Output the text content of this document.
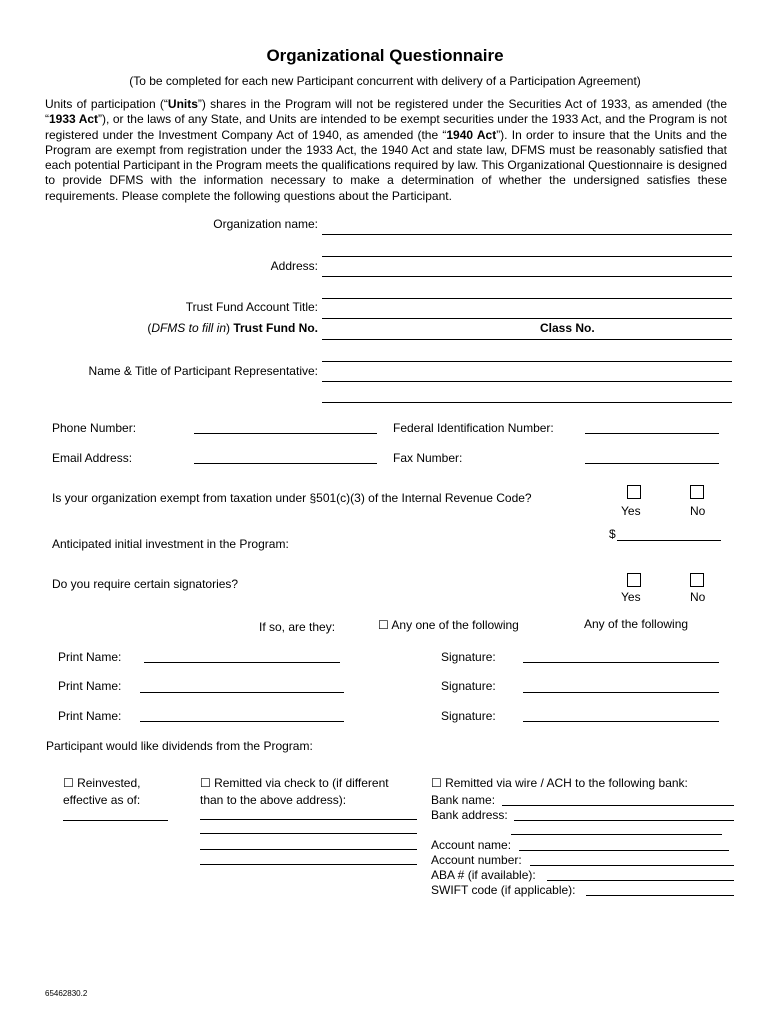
Organizational Questionnaire
(To be completed for each new Participant concurrent with delivery of a Participation Agreement)
Units of participation (“Units”) shares in the Program will not be registered under the Securities Act of 1933, as amended (the “1933 Act”), or the laws of any State, and Units are intended to be exempt securities under the 1933 Act, and the Program is not registered under the Investment Company Act of 1940, as amended (the “1940 Act”). In order to insure that the Units and the Program are exempt from registration under the 1933 Act, the 1940 Act and state law, DFMS must be reasonably satisfied that each potential Participant in the Program meets the qualifications required by law. This Organizational Questionnaire is designed to provide DFMS with the information necessary to make a determination of whether the undersigned satisfies these requirements. Please complete the following questions about the Participant.
Organization name:
Address:
Trust Fund Account Title:
(DFMS to fill in) Trust Fund No.	Class No.
Name & Title of Participant Representative:
Phone Number:	Federal Identification Number:
Email Address:	Fax Number:
Is your organization exempt from taxation under §501(c)(3) of the Internal Revenue Code?
Yes	No
Anticipated initial investment in the Program:
$
Do you require certain signatories?
Yes	No
If so, are they:	☐ Any one of the following	Any of the following
Print Name:	Signature:
Print Name:	Signature:
Print Name:	Signature:
Participant would like dividends from the Program:
☐ Reinvested,
effective as of:
☐ Remitted via check to (if different
than to the above address):
☐ Remitted via wire / ACH to the following bank:
Bank name:
Bank address:
Account name:
Account number:
ABA # (if available):
SWIFT code (if applicable):
65462830.2
